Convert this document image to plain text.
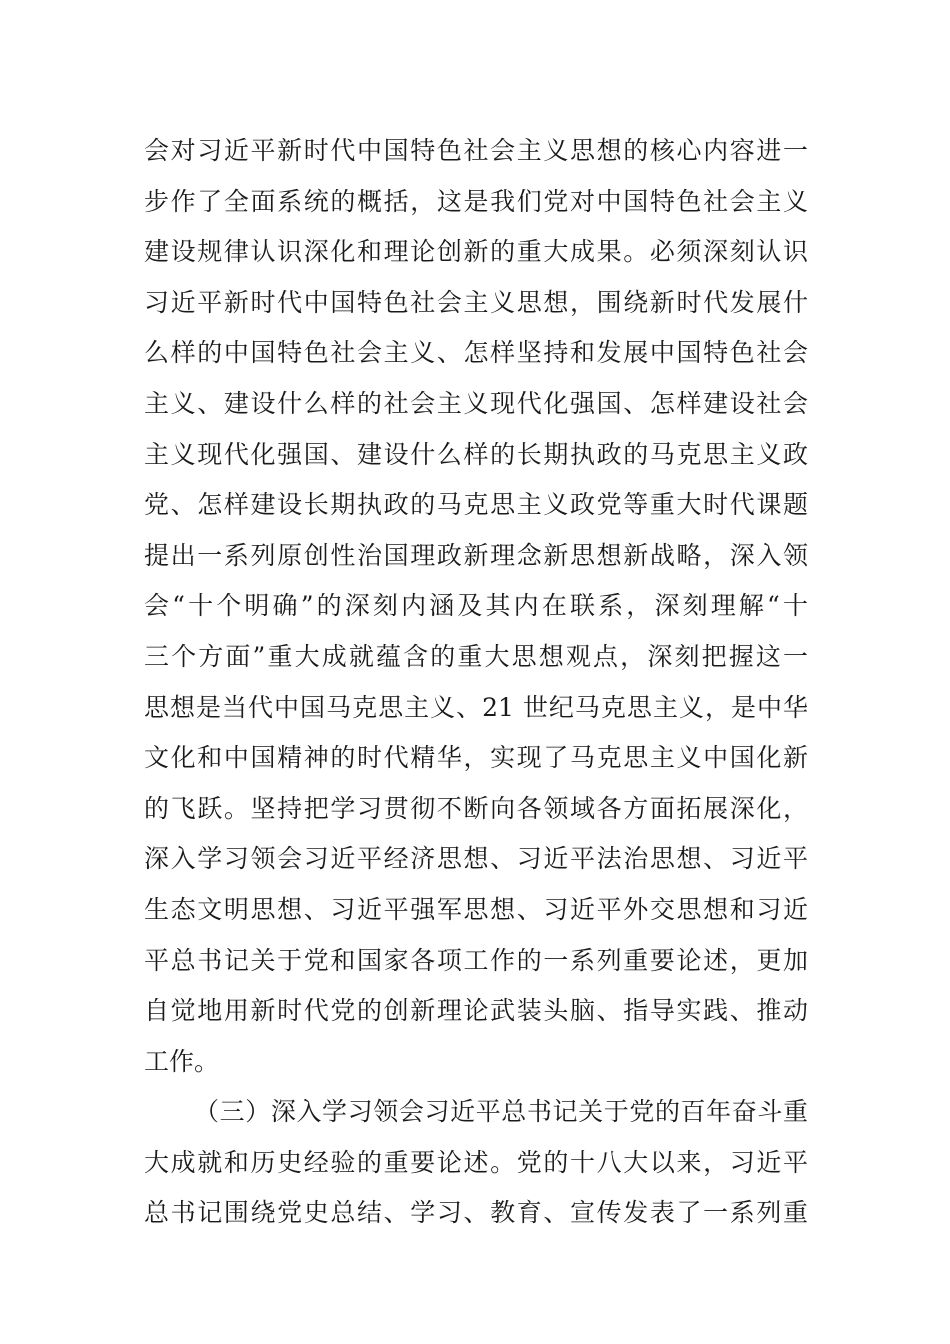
会对习近平新时代中国特色社会主义思想的核心内容进一
步作了全面系统的概括，这是我们党对中国特色社会主义
建设规律认识深化和理论创新的重大成果。必须深刻认识
习近平新时代中国特色社会主义思想，围绕新时代发展什
么样的中国特色社会主义、怎样坚持和发展中国特色社会
主义、建设什么样的社会主义现代化强国、怎样建设社会
主义现代化强国、建设什么样的长期执政的马克思主义政
党、怎样建设长期执政的马克思主义政党等重大时代课题
提出一系列原创性治国理政新理念新思想新战略，深入领
会“十个明确”的深刻内涵及其内在联系，深刻理解“十
三个方面”重大成就蕴含的重大思想观点，深刻把握这一
思想是当代中国马克思主义、21 世纪马克思主义，是中华
文化和中国精神的时代精华，实现了马克思主义中国化新
的飞跃。坚持把学习贯彻不断向各领域各方面拓展深化，
深入学习领会习近平经济思想、习近平法治思想、习近平
生态文明思想、习近平强军思想、习近平外交思想和习近
平总书记关于党和国家各项工作的一系列重要论述，更加
自觉地用新时代党的创新理论武装头脑、指导实践、推动
工作。
（三）深入学习领会习近平总书记关于党的百年奋斗重
大成就和历史经验的重要论述。党的十八大以来，习近平
总书记围绕党史总结、学习、教育、宣传发表了一系列重
